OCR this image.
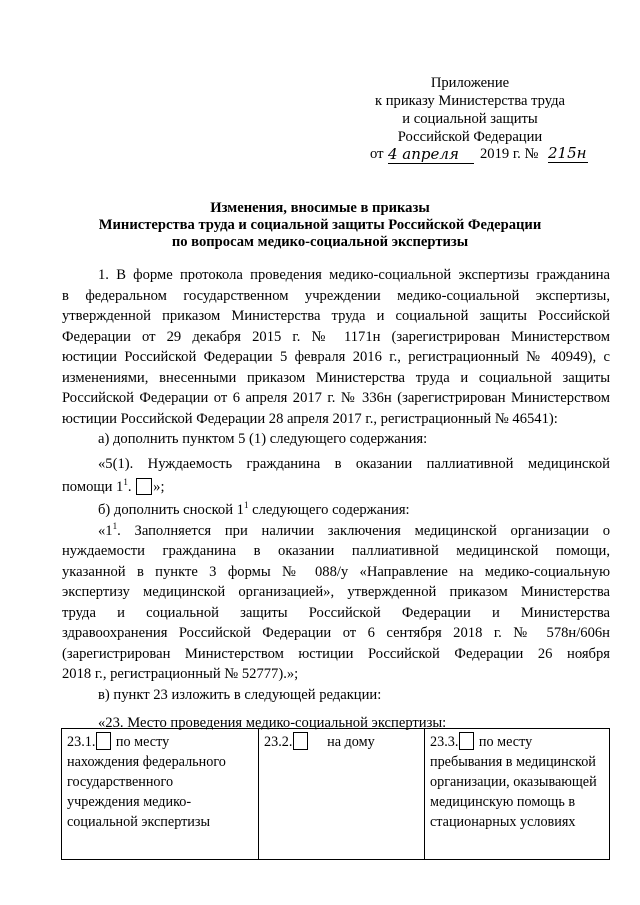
Приложение
к приказу Министерства труда
и социальной защиты
Российской Федерации
от 4 апреля	2019 г. № 215н
Изменения, вносимые в приказы
Министерства труда и социальной защиты Российской Федерации
по вопросам медико-социальной экспертизы
1. В форме протокола проведения медико-социальной экспертизы гражданина
в федеральном государственном учреждении медико-социальной экспертизы,
утвержденной приказом Министерства труда и социальной защиты Российской
Федерации от 29 декабря 2015 г. № 1171н (зарегистрирован Министерством
юстиции Российской Федерации 5 февраля 2016 г., регистрационный № 40949), с
изменениями, внесенными приказом Министерства труда и социальной защиты
Российской Федерации от 6 апреля 2017 г. № 336н (зарегистрирован Министерством
юстиции Российской Федерации 28 апреля 2017 г., регистрационный № 46541):
а) дополнить пунктом 5 (1) следующего содержания:
«5(1). Нуждаемость гражданина в оказании паллиативной медицинской
помощи $1^1$. »;
б) дополнить сноской $1^1$ следующего содержания:
«$1^1$. Заполняется при наличии заключения медицинской организации о
нуждаемости гражданина в оказании паллиативной медицинской помощи,
указанной в пункте 3 формы № 088/у «Направление на медико-социальную
экспертизу медицинской организацией», утвержденной приказом Министерства
труда и социальной защиты Российской Федерации и Министерства
здравоохранения Российской Федерации от 6 сентября 2018 г. № 578н/606н
(зарегистрирован Министерством юстиции Российской Федерации 26 ноября
2018 г., регистрационный № 52777).»;
в) пункт 23 изложить в следующей редакции:
«23. Место проведения медико-социальной экспертизы:
23.1. по месту
нахождения федерального
государственного
учреждения медико-
социальной экспертизы	23.2. на дому	23.3. по месту
пребывания в медицинской
организации, оказывающей
медицинскую помощь в
стационарных условиях
